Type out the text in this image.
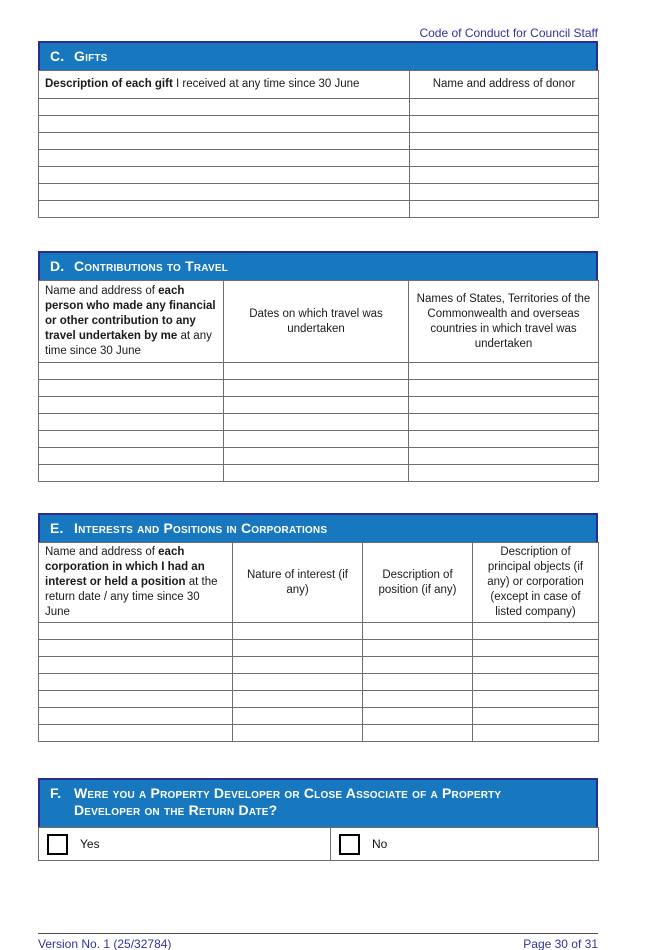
Code of Conduct for Council Staff
C. Gifts
Description of each gift I received at any time since 30 June	Name and address of donor

D. Contributions to Travel
Name and address of each person who made any financial or other contribution to any travel undertaken by me at any time since 30 June	Dates on which travel was undertaken	Names of States, Territories of the Commonwealth and overseas countries in which travel was undertaken

E. Interests and Positions in Corporations
Name and address of each corporation in which I had an interest or held a position at the return date / any time since 30 June	Nature of interest (if any)	Description of position (if any)	Description of principal objects (if any) or corporation (except in case of listed company)

F. Were you a Property Developer or Close Associate of a Property
Developer on the Return Date?
Yes	No
Version No. 1 (25/32784)	Page 30 of 31
